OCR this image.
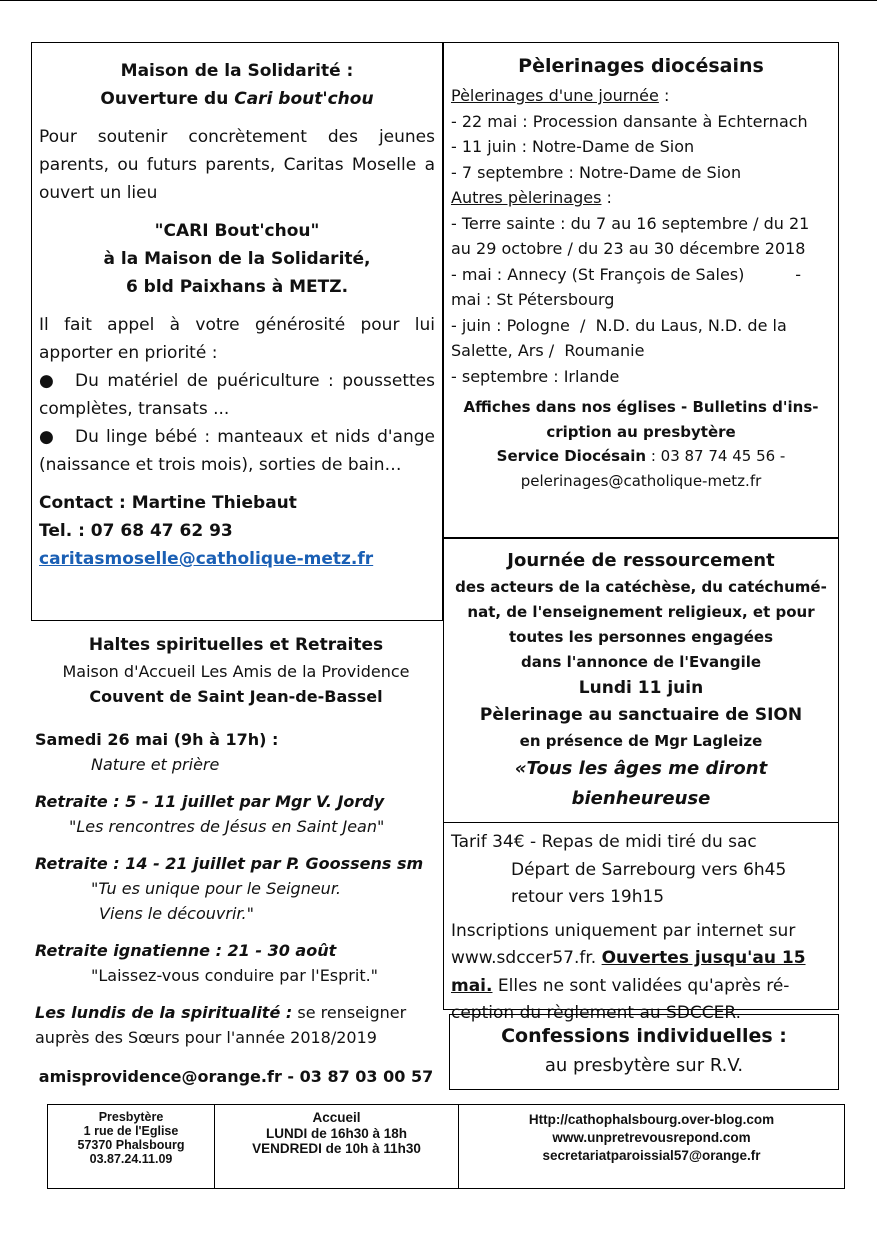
Maison de la Solidarité :

Ouverture du Cari bout'chou

Pour soutenir concrètement des jeunes parents, ou futurs parents, Caritas Moselle a ouvert un lieu

"CARI Bout'chou"

à la Maison de la Solidarité,

6 bld Paixhans à METZ.

Il fait appel à votre générosité pour lui apporter en priorité :

● Du matériel de puériculture : poussettes complètes, transats ...

● Du linge bébé : manteaux et nids d'ange (naissance et trois mois), sorties de bain…

Contact : Martine Thiebaut

Tel. : 07 68 47 62 93

caritasmoselle@catholique-metz.fr

Pèlerinages diocésains

Pèlerinages d'une journée :

- 22 mai : Procession dansante à Echternach

- 11 juin : Notre-Dame de Sion

- 7 septembre : Notre-Dame de Sion

Autres pèlerinages :

- Terre sainte : du 7 au 16 septembre / du 21

au 29 octobre / du 23 au 30 décembre 2018

- mai : Annecy (St François de Sales)          -

mai : St Pétersbourg

- juin : Pologne  /  N.D. du Laus, N.D. de la

Salette, Ars /  Roumanie

- septembre : Irlande

Affiches dans nos églises - Bulletins d'ins-

cription au presbytère

Service Diocésain : 03 87 74 45 56 -

pelerinages@catholique-metz.fr

Journée de ressourcement

des acteurs de la catéchèse, du catéchumé-

nat, de l'enseignement religieux, et pour

toutes les personnes engagées

dans l'annonce de l'Evangile

Lundi 11 juin

Pèlerinage au sanctuaire de SION

en présence de Mgr Lagleize

«Tous les âges me diront bienheureuse

Tarif 34€ - Repas de midi tiré du sac

Départ de Sarrebourg vers 6h45

retour vers 19h15

Inscriptions uniquement par internet sur

www.sdccer57.fr. Ouvertes jusqu'au 15

mai. Elles ne sont validées qu'après ré-

ception du règlement au SDCCER.

Confessions individuelles :

au presbytère sur R.V.

Haltes spirituelles et Retraites

Maison d'Accueil Les Amis de la Providence

Couvent de Saint Jean-de-Bassel

Samedi 26 mai (9h à 17h) :

Nature et prière

Retraite : 5 - 11 juillet par Mgr V. Jordy

"Les rencontres de Jésus en Saint Jean"

Retraite : 14 - 21 juillet par P. Goossens sm

"Tu es unique pour le Seigneur.

Viens le découvrir."

Retraite ignatienne : 21 - 30 août

"Laissez-vous conduire par l'Esprit."

Les lundis de la spiritualité : se renseigner

auprès des Sœurs pour l'année 2018/2019

amisprovidence@orange.fr - 03 87 03 00 57

Presbytère
1 rue de l'Eglise
57370 Phalsbourg
03.87.24.11.09
Accueil
LUNDI de 16h30 à 18h
VENDREDI de 10h à 11h30
Http://cathophalsbourg.over-blog.com
www.unpretrevousrepond.com
secretariatparoissial57@orange.fr
